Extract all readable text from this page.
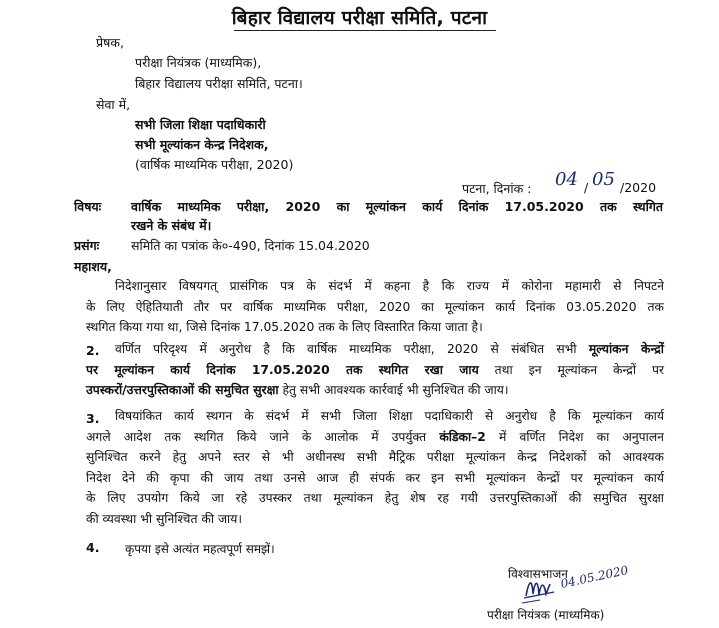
बिहार विद्यालय परीक्षा समिति, पटना
प्रेषक,
परीक्षा नियंत्रक (माध्यमिक),
बिहार विद्यालय परीक्षा समिति, पटना।
सेवा में,
सभी जिला शिक्षा पदाधिकारी
सभी मूल्यांकन केन्द्र निदेशक,
(वार्षिक माध्यमिक परीक्षा, 2020)
पटना, दिनांक : 04 / 05 /2020
विषयः वार्षिक माध्यमिक परीक्षा, 2020 का मूल्यांकन कार्य दिनांक 17.05.2020 तक स्थगित
रखने के संबंध में।
प्रसंगः	समिति का पत्रांक के०-490, दिनांक 15.04.2020
महाशय,
निदेशानुसार विषयगत् प्रासंगिक पत्र के संदर्भ में कहना है कि राज्य में कोरोना महामारी से निपटने
के लिए ऐहितियाती तौर पर वार्षिक माध्यमिक परीक्षा, 2020 का मूल्यांकन कार्य दिनांक 03.05.2020 तक
स्थगित किया गया था, जिसे दिनांक 17.05.2020 तक के लिए विस्तारित किया जाता है।
2.	वर्णित परिदृश्य में अनुरोध है कि वार्षिक माध्यमिक परीक्षा, 2020 से संबंधित सभी मूल्यांकन केन्द्रों
पर मूल्यांकन कार्य दिनांक 17.05.2020 तक स्थगित रखा जाय तथा इन मूल्यांकन केन्द्रों पर
उपस्करों/उत्तरपुस्तिकाओं की समुचित सुरक्षा हेतु सभी आवश्यक कार्रवाई भी सुनिश्चित की जाय।
3.	विषयांकित कार्य स्थगन के संदर्भ में सभी जिला शिक्षा पदाधिकारी से अनुरोध है कि मूल्यांकन कार्य
अगले आदेश तक स्थगित किये जाने के आलोक में उपर्युक्त कंडिका–2 में वर्णित निदेश का अनुपालन
सुनिश्चित करने हेतु अपने स्तर से भी अधीनस्थ सभी मैट्रिक परीक्षा मूल्यांकन केन्द्र निदेशकों को आवश्यक
निदेश देने की कृपा की जाय तथा उनसे आज ही संपर्क कर इन सभी मूल्यांकन केन्द्रों पर मूल्यांकन कार्य
के लिए उपयोग किये जा रहे उपस्कर तथा मूल्यांकन हेतु शेष रह गयी उत्तरपुस्तिकाओं की समुचित सुरक्षा
की व्यवस्था भी सुनिश्चित की जाय।
4. कृपया इसे अत्यंत महत्वपूर्ण समझें।
विश्वासभाजन
04.05.2020
परीक्षा नियंत्रक (माध्यमिक)
